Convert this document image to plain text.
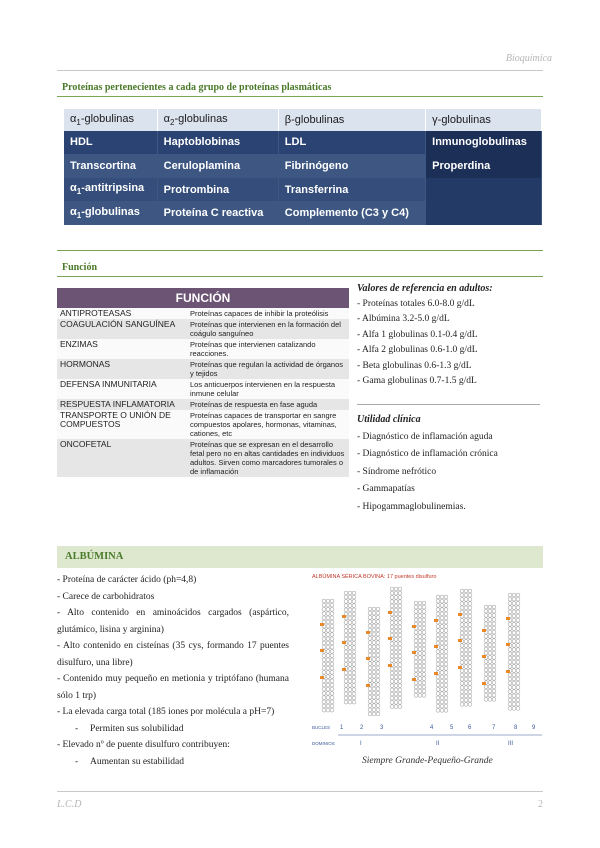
Bioquímica
Proteínas pertenecientes a cada grupo de proteínas plasmáticas
$\alpha_1$-globulinas	$\alpha_2$-globulinas	β-globulinas	γ-globulinas
HDL	Haptoblobinas	LDL	Inmunoglobulinas
Transcortina	Ceruloplamina	Fibrinógeno	Properdina
$\alpha_1$-antitripsina	Protrombina	Transferrina	
$\alpha_1$-globulinas	Proteína C reactiva	Complemento (C3 y C4)	
Función
FUNCIÓN	
ANTIPROTEASAS	Proteínas capaces de inhibir la proteólisis
COAGULACIÓN SANGUÍNEA	Proteínas que intervienen en la formación del coágulo sanguíneo
ENZIMAS	Proteínas que intervienen catalizando reacciones.
HORMONAS	Proteínas que regulan la actividad de órganos y tejidos
DEFENSA INMUNITARIA	Los anticuerpos intervienen en la respuesta inmune celular
RESPUESTA INFLAMATORIA	Proteínas de respuesta en fase aguda
TRANSPORTE O UNIÓN DE COMPUESTOS	Proteínas capaces de transportar en sangre compuestos apolares, hormonas, vitaminas, cationes, etc
ONCOFETAL	Proteínas que se expresan en el desarrollo fetal pero no en altas cantidades en individuos adultos. Sirven como marcadores tumorales o de inflamación
Valores de referencia en adultos:
- Proteínas totales 6.0-8.0 g/dL
- Albúmina 3.2-5.0 g/dL
- Alfa 1 globulinas 0.1-0.4 g/dL
- Alfa 2 globulinas 0.6-1.0 g/dL
- Beta globulinas 0.6-1.3 g/dL
- Gama globulinas 0.7-1.5 g/dL
Utilidad clínica
- Diagnóstico de inflamación aguda
- Diagnóstico de inflamación crónica
- Síndrome nefrótico
- Gammapatías
- Hipogammaglobulinemias.
ALBÚMINA
- Proteína de carácter ácido (ph=4,8)
- Carece de carbohidratos
- Alto contenido en aminoácidos cargados (aspártico, glutámico, lisina y arginina)
- Alto contenido en cisteínas (35 cys, formando 17 puentes disulfuro, una libre)
- Contenido muy pequeño en metionia y triptófano (humana sólo 1 trp)
- La elevada carga total (185 iones por molécula a pH=7)
-     Permiten sus solubilidad
- Elevado nº de puente disulfuro contribuyen:
-     Aumentan su estabilidad
ALBÚMINA SÉRICA BOVINA: 17 puentes disulfuro
BUCLES 1	2	3	4	5 6	7	8 9
DOMINIOS	I	II	III
Siempre Grande-Pequeño-Grande
L.C.D	2
